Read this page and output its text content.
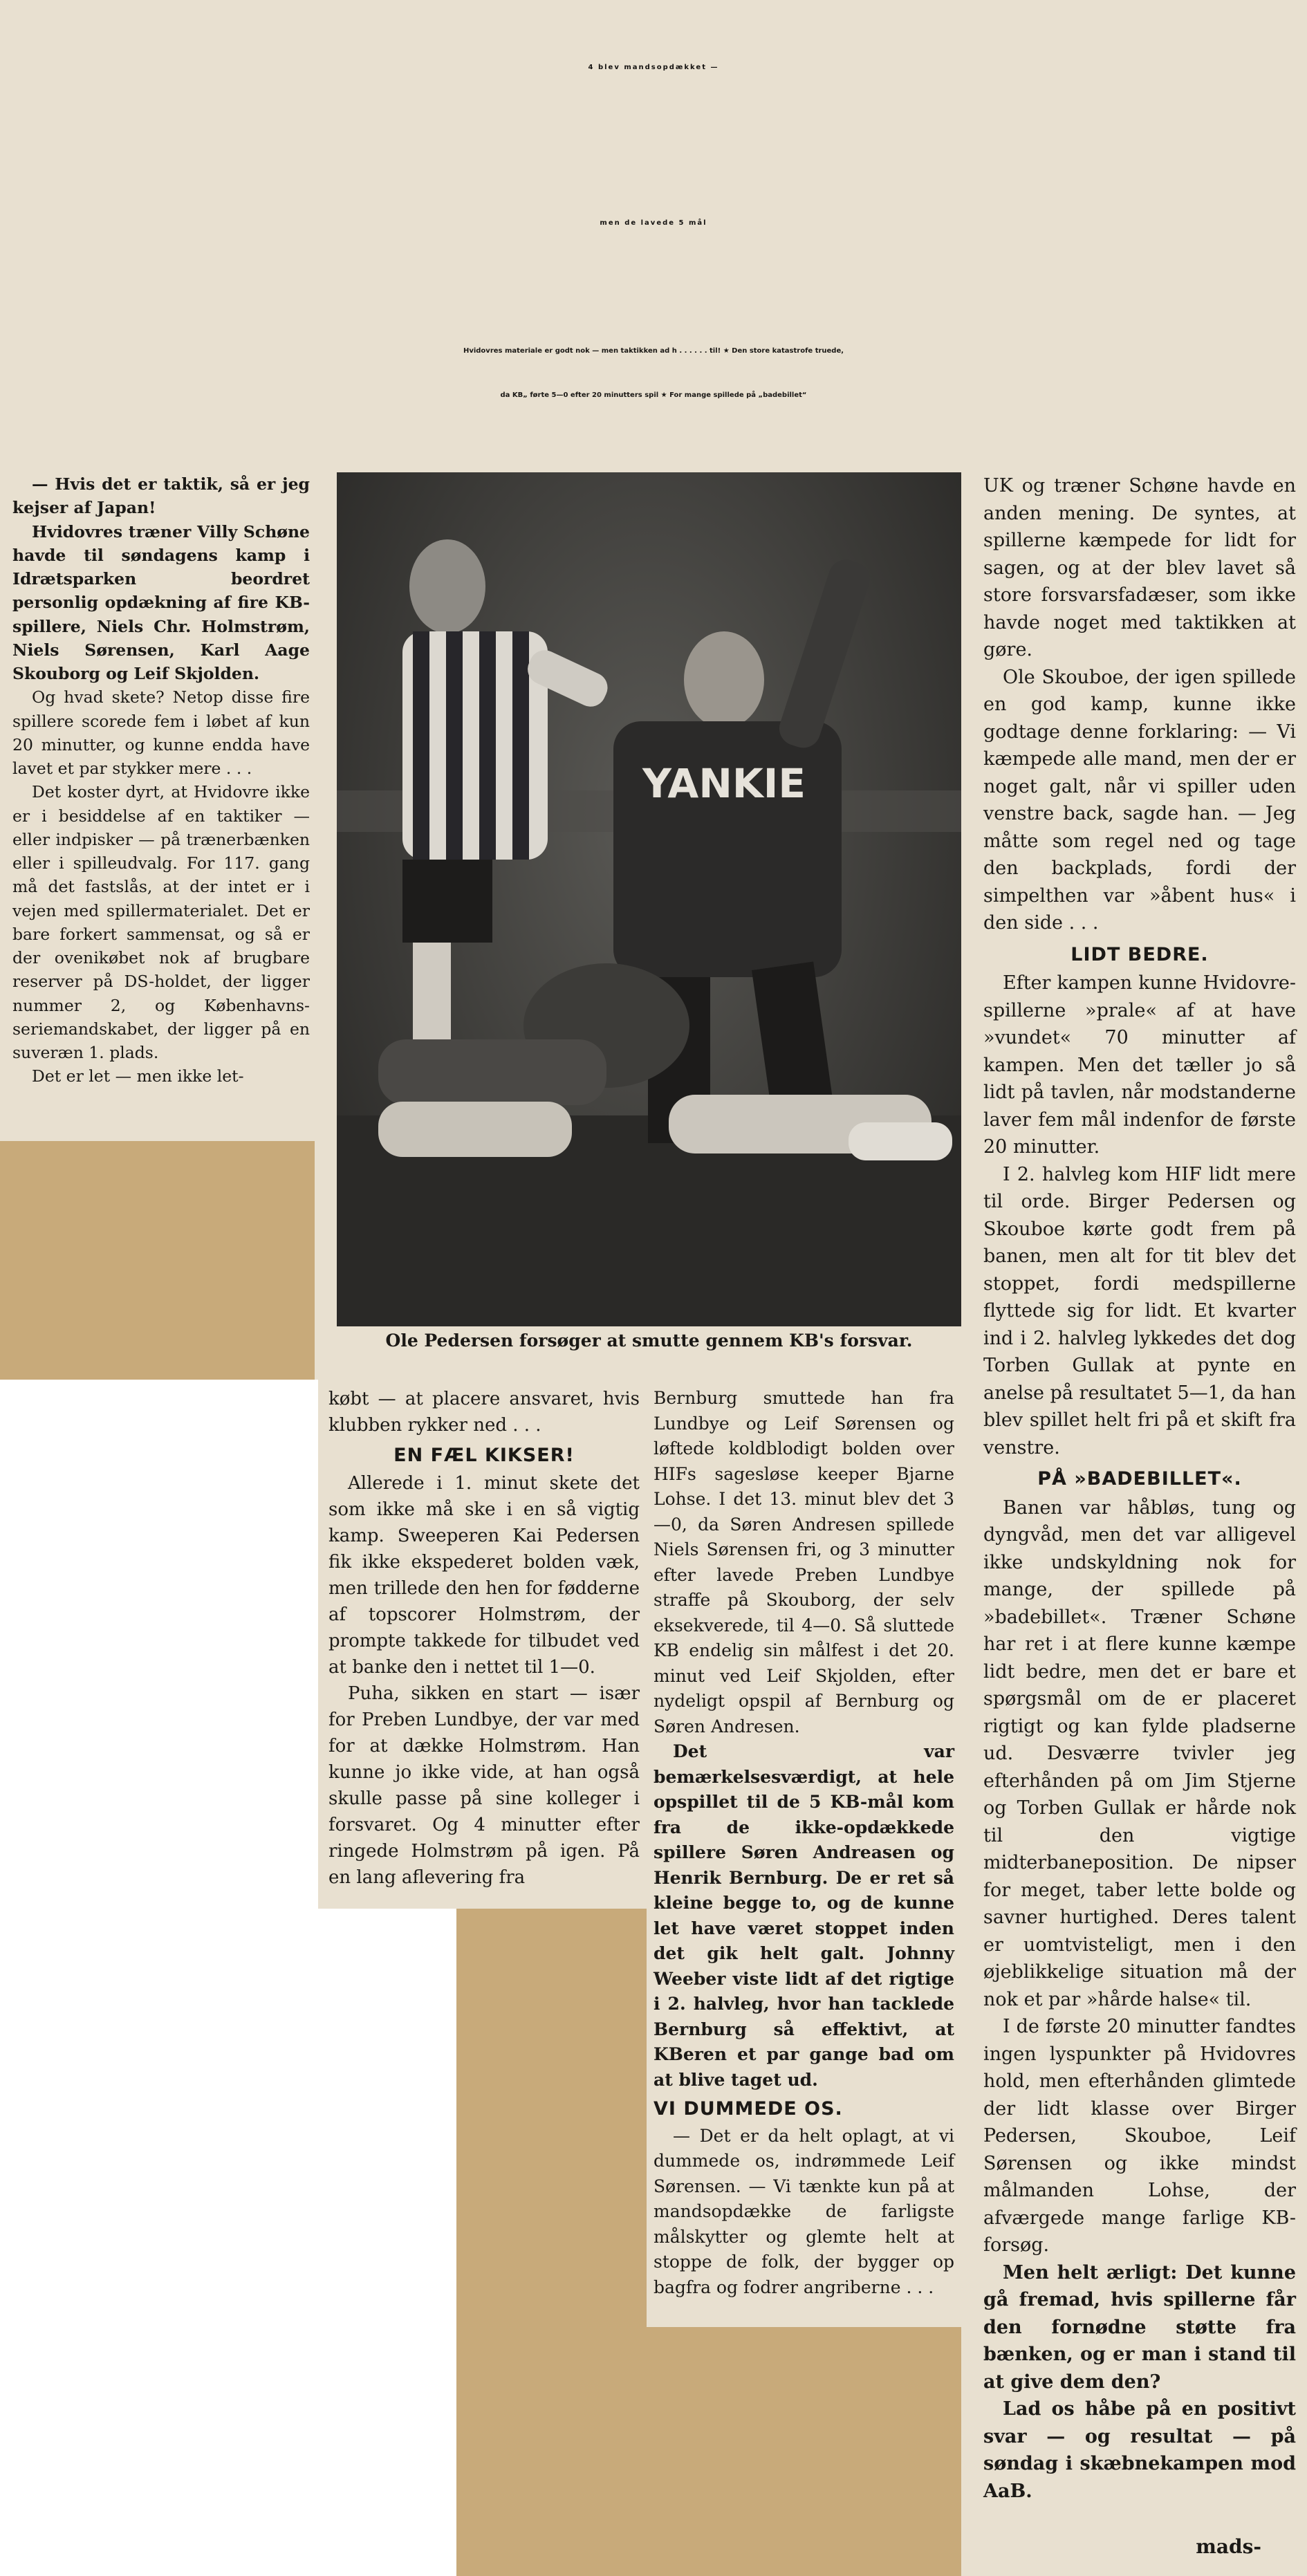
4 blev mandsopdækket —
men de lavede 5 mål
Hvidovres materiale er godt nok — men taktikken ad h . . . . . . til! ★ Den store katastrofe truede,
da KB„ førte 5—0 efter 20 minutters spil ★ For mange spillede på „badebillet“

— Hvis det er taktik, så er jeg kejser af Japan!

Hvidovres træner Villy Schøne havde til søndagens kamp i Idrætsparken beordret personlig opdækning af fire KB-spillere, Niels Chr. Holmstrøm, Niels Sørensen, Karl Aage Skouborg og Leif Skjolden.

Og hvad skete? Netop disse fire spillere scorede fem i løbet af kun 20 minutter, og kunne endda have lavet et par stykker mere . . .

Det koster dyrt, at Hvidovre ikke er i besiddelse af en taktiker — eller indpisker — på trænerbænken eller i spilleudvalg. For 117. gang må det fastslås, at der intet er i vejen med spillermaterialet. Det er bare forkert sammensat, og så er der ovenikøbet nok af brugbare reserver på DS-holdet, der ligger nummer 2, og Københavns-seriemandskabet, der ligger på en suveræn 1. plads.

Det er let — men ikke let-

YANKIE
Ole Pedersen forsøger at smutte gennem KB's forsvar.

købt — at placere ansvaret, hvis klubben rykker ned . . .

EN FÆL KIKSER!

Allerede i 1. minut skete det som ikke må ske i en så vigtig kamp. Sweeperen Kai Pedersen fik ikke ekspederet bolden væk, men trillede den hen for fødderne af topscorer Holmstrøm, der prompte takkede for tilbudet ved at banke den i nettet til 1—0.

Puha, sikken en start — især for Preben Lundbye, der var med for at dække Holmstrøm. Han kunne jo ikke vide, at han også skulle passe på sine kolleger i forsvaret. Og 4 minutter efter ringede Holmstrøm på igen. På en lang aflevering fra

Bernburg smuttede han fra Lundbye og Leif Sørensen og løftede koldblodigt bolden over HIFs sagesløse keeper Bjarne Lohse. I det 13. minut blev det 3—0, da Søren Andresen spillede Niels Sørensen fri, og 3 minutter efter lavede Preben Lundbye straffe på Skouborg, der selv eksekverede, til 4—0. Så sluttede KB endelig sin målfest i det 20. minut ved Leif Skjolden, efter nydeligt opspil af Bernburg og Søren Andresen.

Det var bemærkelsesværdigt, at hele opspillet til de 5 KB-mål kom fra de ikke-opdækkede spillere Søren Andreasen og Henrik Bernburg. De er ret så kleine begge to, og de kunne let have været stoppet inden det gik helt galt. Johnny Weeber viste lidt af det rigtige i 2. halvleg, hvor han tacklede Bernburg så effektivt, at KBeren et par gange bad om at blive taget ud.

VI DUMMEDE OS.

— Det er da helt oplagt, at vi dummede os, indrømmede Leif Sørensen. — Vi tænkte kun på at mandsopdække de farligste målskytter og glemte helt at stoppe de folk, der bygger op bagfra og fodrer angriberne . . .

UK og træner Schøne havde en anden mening. De syntes, at spillerne kæmpede for lidt for sagen, og at der blev lavet så store forsvarsfadæser, som ikke havde noget med taktikken at gøre.

Ole Skouboe, der igen spillede en god kamp, kunne ikke godtage denne forklaring: — Vi kæmpede alle mand, men der er noget galt, når vi spiller uden venstre back, sagde han. — Jeg måtte som regel ned og tage den backplads, fordi der simpelthen var »åbent hus« i den side . . .

LIDT BEDRE.

Efter kampen kunne Hvidovre-spillerne »prale« af at have »vundet« 70 minutter af kampen. Men det tæller jo så lidt på tavlen, når modstanderne laver fem mål indenfor de første 20 minutter.

I 2. halvleg kom HIF lidt mere til orde. Birger Pedersen og Skouboe kørte godt frem på banen, men alt for tit blev det stoppet, fordi medspillerne flyttede sig for lidt. Et kvarter ind i 2. halvleg lykkedes det dog Torben Gullak at pynte en anelse på resultatet 5—1, da han blev spillet helt fri på et skift fra venstre.

PÅ »BADEBILLET«.

Banen var håbløs, tung og dyngvåd, men det var alligevel ikke undskyldning nok for mange, der spillede på »badebillet«. Træner Schøne har ret i at flere kunne kæmpe lidt bedre, men det er bare et spørgsmål om de er placeret rigtigt og kan fylde pladserne ud. Desværre tvivler jeg efterhånden på om Jim Stjerne og Torben Gullak er hårde nok til den vigtige midterbaneposition. De nipser for meget, taber lette bolde og savner hurtighed. Deres talent er uomtvisteligt, men i den øjeblikkelige situation må der nok et par »hårde halse« til.

I de første 20 minutter fandtes ingen lyspunkter på Hvidovres hold, men efterhånden glimtede der lidt klasse over Birger Pedersen, Skouboe, Leif Sørensen og ikke mindst målmanden Lohse, der afværgede mange farlige KB-forsøg.

Men helt ærligt: Det kunne gå fremad, hvis spillerne får den fornødne støtte fra bænken, og er man i stand til at give dem den?

Lad os håbe på en positivt svar — og resultat — på søndag i skæbnekampen mod AaB.

mads-
